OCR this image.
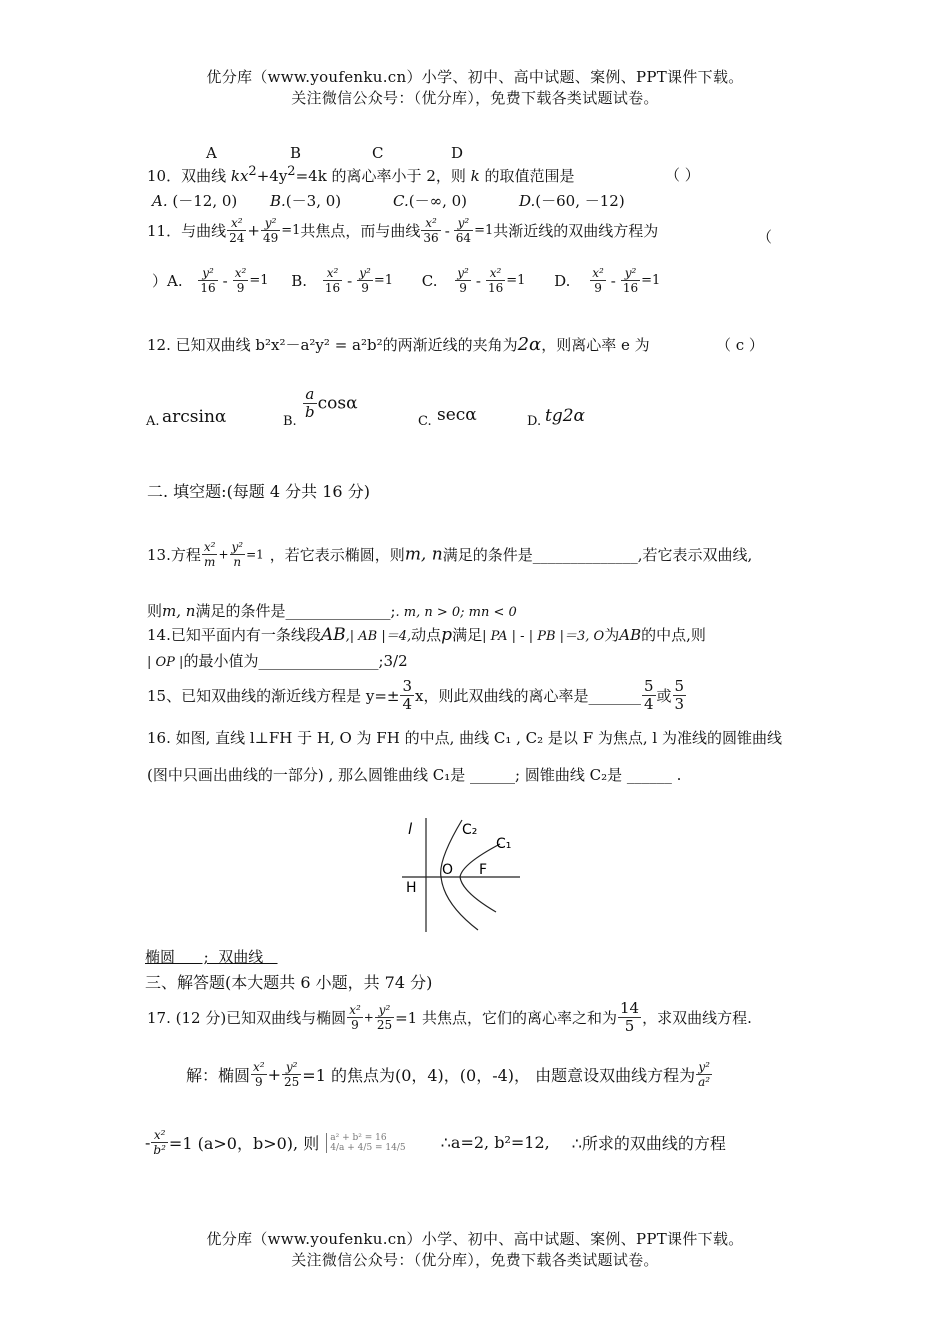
优分库（www.youfenku.cn）小学、初中、高中试题、案例、PPT课件下载。
关注微信公众号：（优分库），免费下载各类试题试卷。
A	B	C	D
10．双曲线 $kx^2+4y^2=4k$ 的离心率小于 2，则 k 的取值范围是	（ ）
A. (－12, 0) B.(－3, 0)	C.(－∞, 0)	D.(－60, －12)
11．与曲线 $\frac{\text{x²}}{24} + \frac{\text{y²}}{49} =1$共焦点，而与曲线 $\frac{\text{x²}}{36} - \frac{\text{y²}}{64} =1$共渐近线的双曲线方程为	（
）A. $\frac{\text{y²}}{16} - \frac{\text{x²}}{9} =1$ B. $\frac{\text{x²}}{16} - \frac{\text{y²}}{9} =1$ C. $\frac{\text{y²}}{9} - \frac{\text{x²}}{16} =1$ D. $\frac{\text{x²}}{9} - \frac{\text{y²}}{16} =1$
12. 已知双曲线 b²x²－a²y² = a²b²的两渐近线的夹角为2α，则离心率 e 为	（ c ）
A. arcsinα	B.
$\frac{a}{b}$ cosα
C. secα	D. tg2α
二. 填空题:(每题 4 分共 16 分)
13.方程 $\frac{\text{x²}}{m} + \frac{\text{y²}}{n} =1$ ，若它表示椭圆，则m, n满足的条件是______________,若它表示双曲线,
则m, n满足的条件是______________;. m, n > 0; mn < 0
14.已知平面内有一条线段AB,| AB |＝4,动点p满足| PA | - | PB |＝3, O为AB的中点,则
| OP |的最小值为________________;3/2
15、已知双曲线的渐近线方程是 $y=\pm \frac{3}{4}$ x，则此双曲线的离心率是_______ $\frac{5}{4}$ 或 $\frac{5}{3}$
16. 如图, 直线 l⊥FH 于 H, O 为 FH 的中点, 曲线 C₁ , C₂ 是以 F 为焦点, l 为准线的圆锥曲线
(图中只画出曲线的一部分) , 那么圆锥曲线 C₁是 ______; 圆锥曲线 C₂是 ______ .
l	C₂
C₁
O F
H
椭圆      ;  双曲线
三、解答题(本大题共 6 小题，共 74 分)
17. (12 分)已知双曲线与椭圆 $\frac{\text{x²}}{9} + \frac{\text{y²}}{25} =1$ 共焦点，它们的离心率之和为 $\frac{14}{5}$ ，求双曲线方程.
解：椭圆 $\frac{\text{x²}}{9} + \frac{\text{y²}}{25} =1$ 的焦点为(0，4)，(0，-4)， 由题意设双曲线方程为 $\frac{\text{y²}}{\text{a²}}$
- $\frac{\text{x²}}{\text{b²}} =1$ (a>0，b>0), 则 a² + b² = 16
4/a + 4/5 = 14/5 ∴a=2, b²=12, ∴所求的双曲线的方程
优分库（www.youfenku.cn）小学、初中、高中试题、案例、PPT课件下载。
关注微信公众号：（优分库），免费下载各类试题试卷。
